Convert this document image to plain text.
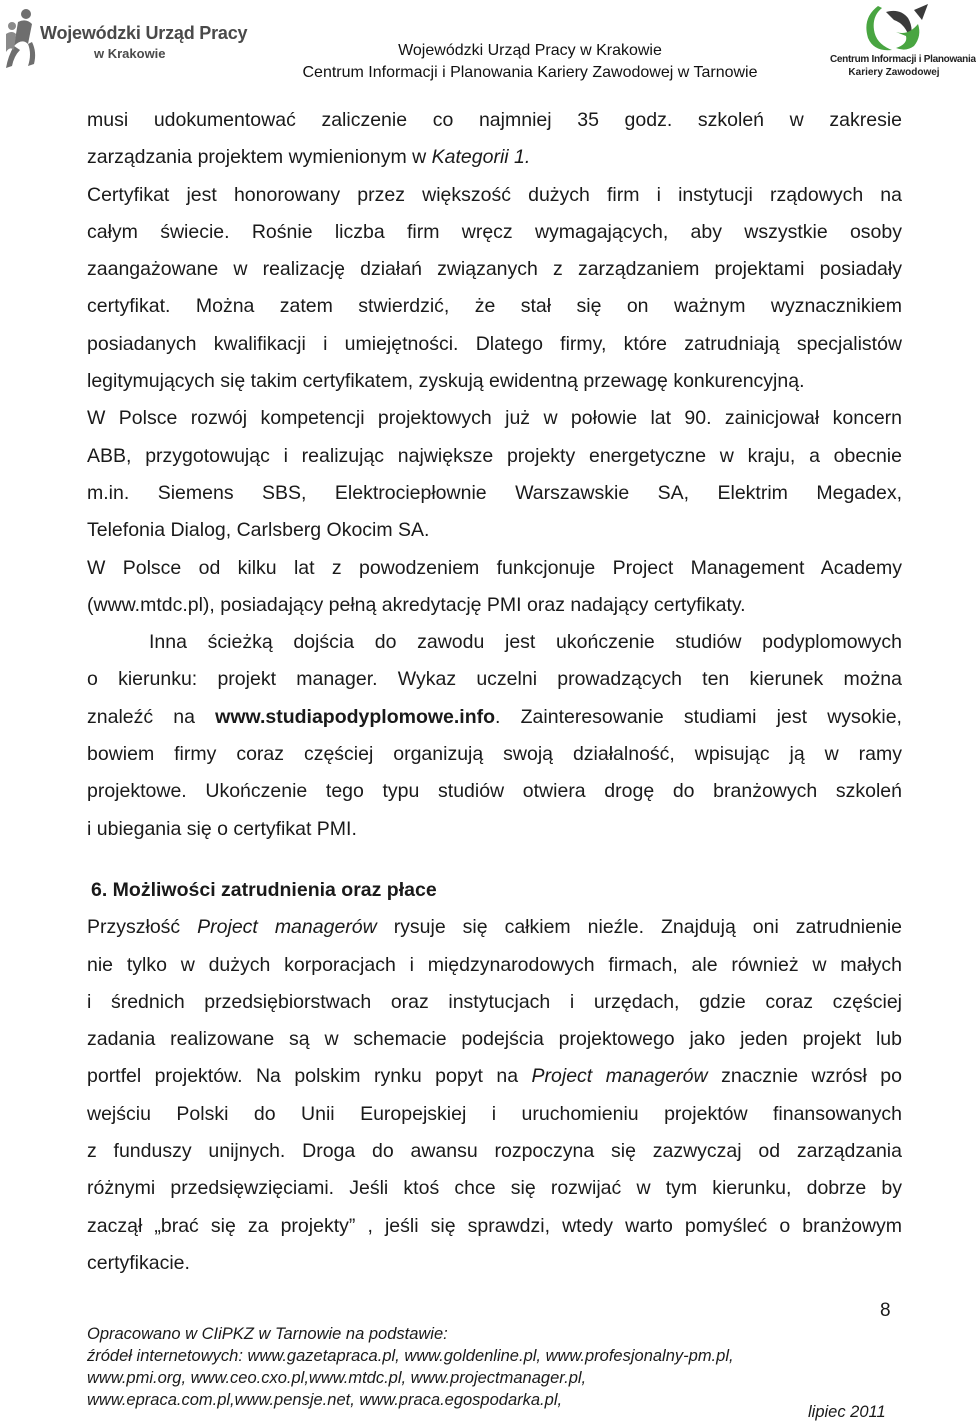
Wojewódzki Urząd Pracy
w Krakowie	Wojewódzki Urząd Pracy w Krakowie
Centrum Informacji i Planowania Kariery Zawodowej w Tarnowie
Centrum Informacji i Planowania
Kariery Zawodowej
musi udokumentować zaliczenie co najmniej 35 godz. szkoleń w zakresie
zarządzania projektem wymienionym w Kategorii 1.
Certyfikat jest honorowany przez większość dużych firm i instytucji rządowych na
całym świecie. Rośnie liczba firm wręcz wymagających, aby wszystkie osoby
zaangażowane w realizację działań związanych z zarządzaniem projektami posiadały
certyfikat. Można zatem stwierdzić, że stał się on ważnym wyznacznikiem
posiadanych kwalifikacji i umiejętności. Dlatego firmy, które zatrudniają specjalistów
legitymujących się takim certyfikatem, zyskują ewidentną przewagę konkurencyjną.
W Polsce rozwój kompetencji projektowych już w połowie lat 90. zainicjował koncern
ABB, przygotowując i realizując największe projekty energetyczne w kraju, a obecnie
m.in. Siemens SBS, Elektrociepłownie Warszawskie SA, Elektrim Megadex,
Telefonia Dialog, Carlsberg Okocim SA.
W Polsce od kilku lat z powodzeniem funkcjonuje Project Management Academy
(www.mtdc.pl), posiadający pełną akredytację PMI oraz nadający certyfikaty.
Inna ścieżką dojścia do zawodu jest ukończenie studiów podyplomowych
o kierunku: projekt manager. Wykaz uczelni prowadzących ten kierunek można
znaleźć na www.studiapodyplomowe.info. Zainteresowanie studiami jest wysokie,
bowiem firmy coraz częściej organizują swoją działalność, wpisując ją w ramy
projektowe. Ukończenie tego typu studiów otwiera drogę do branżowych szkoleń
i ubiegania się o certyfikat PMI.
6. Możliwości zatrudnienia oraz płace
Przyszłość Project managerów rysuje się całkiem nieźle. Znajdują oni zatrudnienie
nie tylko w dużych korporacjach i międzynarodowych firmach, ale również w małych
i średnich przedsiębiorstwach oraz instytucjach i urzędach, gdzie coraz częściej
zadania realizowane są w schemacie podejścia projektowego jako jeden projekt lub
portfel projektów. Na polskim rynku popyt na Project managerów znacznie wzrósł po
wejściu Polski do Unii Europejskiej i uruchomieniu projektów finansowanych
z funduszy unijnych. Droga do awansu rozpoczyna się zazwyczaj od zarządzania
różnymi przedsięwzięciami. Jeśli ktoś chce się rozwijać w tym kierunku, dobrze by
zaczął „brać się za projekty” , jeśli się sprawdzi, wtedy warto pomyśleć o branżowym
certyfikacie.
8
Opracowano w CIiPKZ w Tarnowie na podstawie:
źródeł internetowych: www.gazetapraca.pl, www.goldenline.pl, www.profesjonalny-pm.pl,
www.pmi.org, www.ceo.cxo.pl,www.mtdc.pl, www.projectmanager.pl,
www.epraca.com.pl,www.pensje.net, www.praca.egospodarka.pl,
lipiec 2011
